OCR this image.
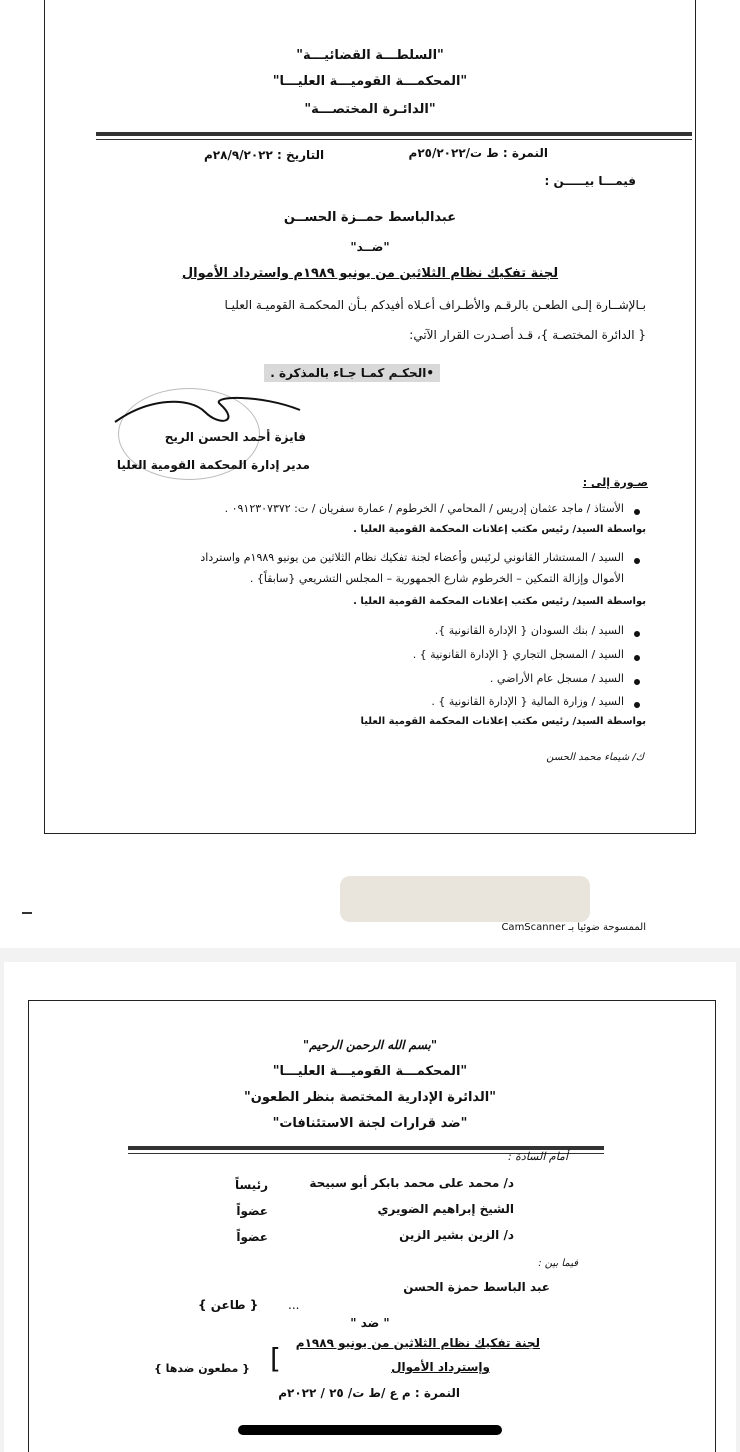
"السلطـــة القضائيـــة"
"المحكمـــة القوميـــة العليـــا"
"الدائـرة المختصـــة"
النمرة : ط ت/٢٥/٢٠٢٢م
التاريخ : ٢٨/٩/٢٠٢٢م
فيمـــا بيـــــن :
عبدالباسط حمــزة الحســن
"ضــد"
لجنة تفكيك نظام الثلاثين من يونيو ١٩٨٩م واسترداد الأموال
بـالإشــارة إلـى الطعـن بالرقـم والأطـراف أعـلاه أفيدكم بـأن المحكمـة القوميـة العليـا
{ الدائرة المختصـة }، قـد أصـدرت القرار الآتي:
•الحكـم كمـا جـاء بالمذكرة .
فايزة أحمد الحسن الريح
مدير إدارة المحكمة القومية العليا
صـورة إلى :
الأستاذ / ماجد عثمان إدريس / المحامي / الخرطوم / عمارة سفريان / ت: ٠٩١٢٣٠٧٣٧٢ .
بواسطة السيد/ رئيس مكتب إعلانات المحكمة القومية العليا .
السيد / المستشار القانوني لرئيس وأعضاء لجنة تفكيك نظام الثلاثين من يونيو ١٩٨٩م واسترداد
الأموال وإزالة التمكين – الخرطوم شارع الجمهورية – المجلس التشريعي {سابقاً} .
بواسطة السيد/ رئيس مكتب إعلانات المحكمة القومية العليا .
السيد / بنك السودان { الإدارة القانونية }.
السيد / المسجل التجاري { الإدارة القانونية } .
السيد / مسجل عام الأراضي .
السيد / وزارة المالية { الإدارة القانونية } .
بواسطة السيد/ رئيس مكتب إعلانات المحكمة القومية العليا
ك/ شيماء محمد الحسن
الممسوحة ضوئيا بـ CamScanner
"بسم الله الرحمن الرحيم"
"المحكمـــة القوميـــة العليـــا"
"الدائرة الإدارية المختصة بنظر الطعون"
"ضد قرارات لجنة الاستئنافات"
أمام السادة :
د/ محمد على محمد بابكر أبو سبيحة
رئيساً
الشيخ إبراهيم الضويري
عضواً
د/ الزين بشير الزين
عضواً
فيما بين :
عبد الباسط حمزة الحسن
...
{ طاعن }
" ضد "
لجنة تفكيك نظام الثلاثين من يونيو ١٩٨٩م
وإسترداد الأموال
[
{ مطعون ضدها }
النمرة : م ع /ط ت/ ٢٥ / ٢٠٢٢م
